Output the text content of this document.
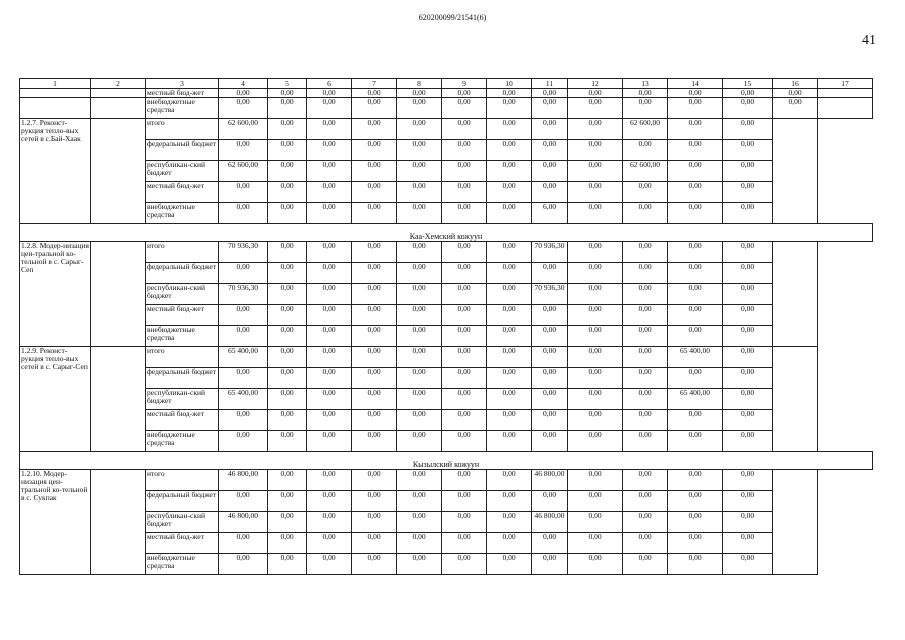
620200099/21541(6)
41
1	2	3	4	5	6	7	8	9	10	11	12	13	14	15	16	17
		местный бюд-жет	0,00	0,00	0,00	0,00	0,00	0,00	0,00	0,00	0,00	0,00	0,00	0,00	0,00	
		внебюджетные средства	0,00	0,00	0,00	0,00	0,00	0,00	0,00	0,00	0,00	0,00	0,00	0,00	0,00	
1.2.7. Реконст-рукция тепло-вых сетей в с.Бай-Хаак		итого	62 600,00	0,00	0,00	0,00	0,00	0,00	0,00	0,00	0,00	62 600,00	0,00	0,00		
		федеральный бюджет	0,00	0,00	0,00	0,00	0,00	0,00	0,00	0,00	0,00	0,00	0,00	0,00		
		республикан-ский бюджет	62 600,00	0,00	0,00	0,00	0,00	0,00	0,00	0,00	0,00	62 600,00	0,00	0,00		
		местный бюд-жет	0,00	0,00	0,00	0,00	0,00	0,00	0,00	0,00	0,00	0,00	0,00	0,00		
		внебюджетные средства	0,00	0,00	0,00	0,00	0,00	0,00	0,00	6,00	0,00	0,00	0,00	0,00		
Каа-Хемский кожуун																
1.2.8. Модер-низация цен-тральной ко-тельной в с. Сарыг-Сеп		итого	70 936,30	0,00	0,00	0,00	0,00	0,00	0,00	70 936,30	0,00	0,00	0,00	0,00		
		федеральный бюджет	0,00	0,00	0,00	0,00	0,00	0,00	0,00	0,00	0,00	0,00	0,00	0,00		
		республикан-ский бюджет	70 936,30	0,00	0,00	0,00	0,00	0,00	0,00	70 936,30	0,00	0,00	0,00	0,00		
		местный бюд-жет	0,00	0,00	0,00	0,00	0,00	0,00	0,00	0,00	0,00	0,00	0,00	0,00		
		внебюджетные средства	0,00	0,00	0,00	0,00	0,00	0,00	0,00	0,00	0,00	0,00	0,00	0,00		
1.2.9. Реконст-рукция тепло-вых сетей в с. Сарыг-Сеп		итого	65 400,00	0,00	0,00	0,00	0,00	0,00	0,00	0,00	0,00	0,00	65 400,00	0,00		
		федеральный бюджет	0,00	0,00	0,00	0,00	0,00	0,00	0,00	0,00	0,00	0,00	0,00	0,00		
		республикан-ский бюджет	65 400,00	0,00	0,00	0,00	0,00	0,00	0,00	0,00	0,00	0,00	65 400,00	0,00		
		местный бюд-жет	0,00	0,00	0,00	0,00	0,00	0,00	0,00	0,00	0,00	0,00	0,00	0,00		
		внебюджетные средства	0,00	0,00	0,00	0,00	0,00	0,00	0,00	0,00	0,00	0,00	0,00	0,00		
Кызылский кожуун																
1.2.10. Модер-низация цен-тральной ко-тельной в с. Сукпак		итого	46 800,00	0,00	0,00	0,00	0,00	0,00	0,00	46 800,00	0,00	0,00	0,00	0,00		
		федеральный бюджет	0,00	0,00	0,00	0,00	0,00	0,00	0,00	0,00	0,00	0,00	0,00	0,00		
		республикан-ский бюджет	46 800,00	0,00	0,00	0,00	0,00	0,00	0,00	46 800,00	0,00	0,00	0,00	0,00		
		местный бюд-жет	0,00	0,00	0,00	0,00	0,00	0,00	0,00	0,00	0,00	0,00	0,00	0,00		
		внебюджетные средства	0,00	0,00	0,00	0,00	0,00	0,00	0,00	0,00	0,00	0,00	0,00	0,00		
